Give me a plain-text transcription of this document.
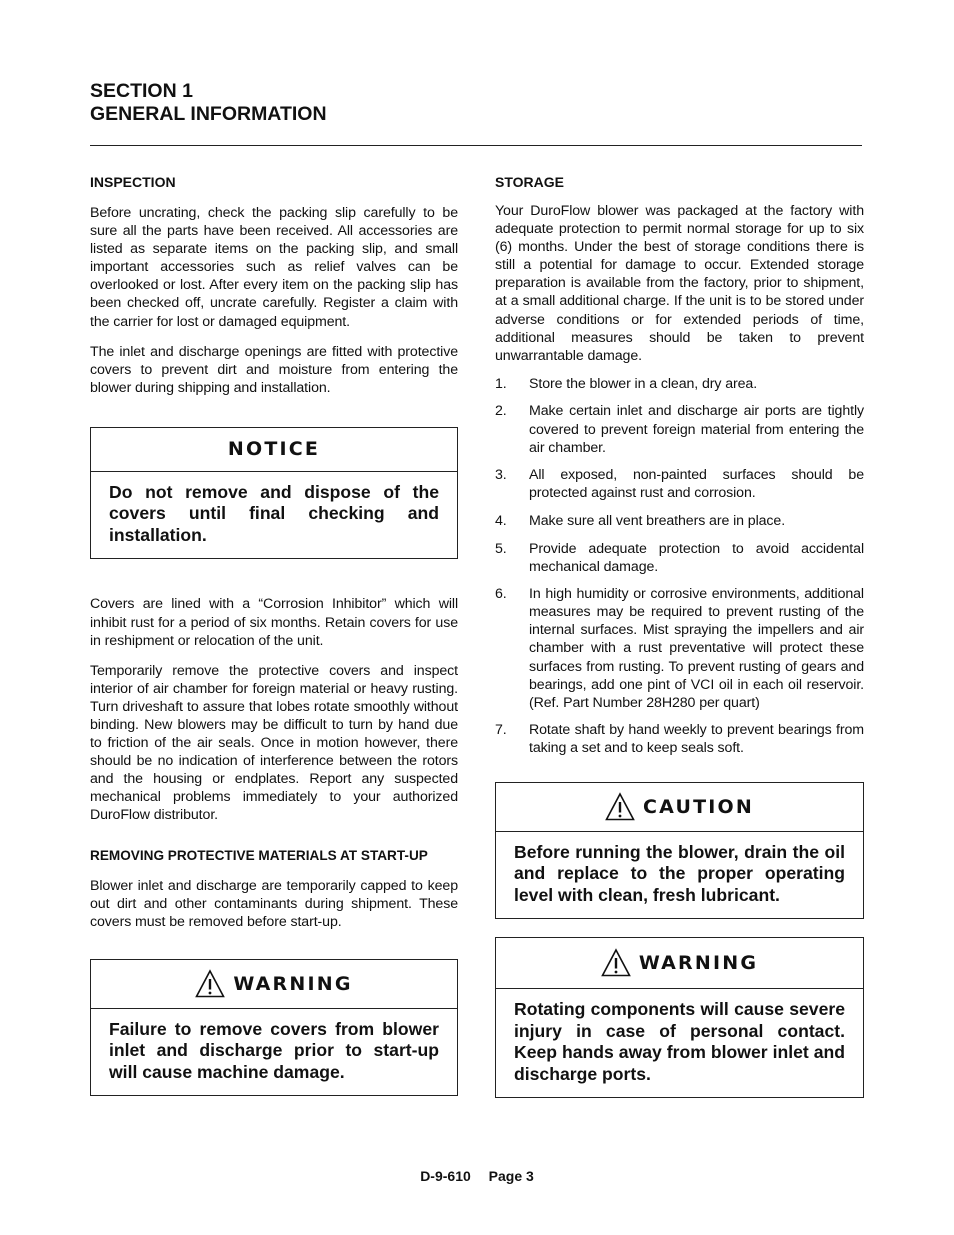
SECTION 1
GENERAL INFORMATION
INSPECTION

Before uncrating, check the packing slip carefully to be sure all the parts have been received. All accessories are listed as separate items on the packing slip, and small important accessories such as relief valves can be overlooked or lost. After every item on the packing slip has been checked off, uncrate carefully. Register a claim with the carrier for lost or damaged equipment.

The inlet and discharge openings are fitted with protective covers to prevent dirt and moisture from entering the blower during shipping and installation.

NOTICE
Do not remove and dispose of the covers until final checking and installation.

Covers are lined with a “Corrosion Inhibitor” which will inhibit rust for a period of six months. Retain covers for use in reshipment or relocation of the unit.

Temporarily remove the protective covers and inspect interior of air chamber for foreign material or heavy rusting. Turn driveshaft to assure that lobes rotate smoothly without binding. New blowers may be difficult to turn by hand due to friction of the air seals. Once in motion however, there should be no indication of interference between the rotors and the housing or endplates. Report any suspected mechanical problems immediately to your authorized DuroFlow distributor.

REMOVING PROTECTIVE MATERIALS AT START-UP

Blower inlet and discharge are temporarily capped to keep out dirt and other contaminants during shipment. These covers must be removed before start-up.

WARNING
Failure to remove covers from blower inlet and discharge prior to start-up will cause machine damage.
STORAGE

Your DuroFlow blower was packaged at the factory with adequate protection to permit normal storage for up to six (6) months. Under the best of storage conditions there is still a potential for damage to occur. Extended storage preparation is available from the factory, prior to shipment, at a small additional charge. If the unit is to be stored under adverse conditions or for extended periods of time, additional measures should be taken to prevent unwarrantable damage.

1.	Store the blower in a clean, dry area.
2.	Make certain inlet and discharge air ports are tightly covered to prevent foreign material from entering the air chamber.
3.	All exposed, non-painted surfaces should be protected against rust and corrosion.
4.	Make sure all vent breathers are in place.
5.	Provide adequate protection to avoid accidental mechanical damage.
6.	In high humidity or corrosive environments, additional measures may be required to prevent rusting of the internal surfaces. Mist spraying the impellers and air chamber with a rust preventative will protect these surfaces from rusting. To prevent rusting of gears and bearings, add one pint of VCI oil in each oil reservoir. (Ref. Part Number 28H280 per quart)
7.	Rotate shaft by hand weekly to prevent bearings from taking a set and to keep seals soft.
CAUTION
Before running the blower, drain the oil and replace to the proper operating level with clean, fresh lubricant.
WARNING
Rotating components will cause severe injury in case of personal contact. Keep hands away from blower inlet and discharge ports.
D-9-610 Page 3
